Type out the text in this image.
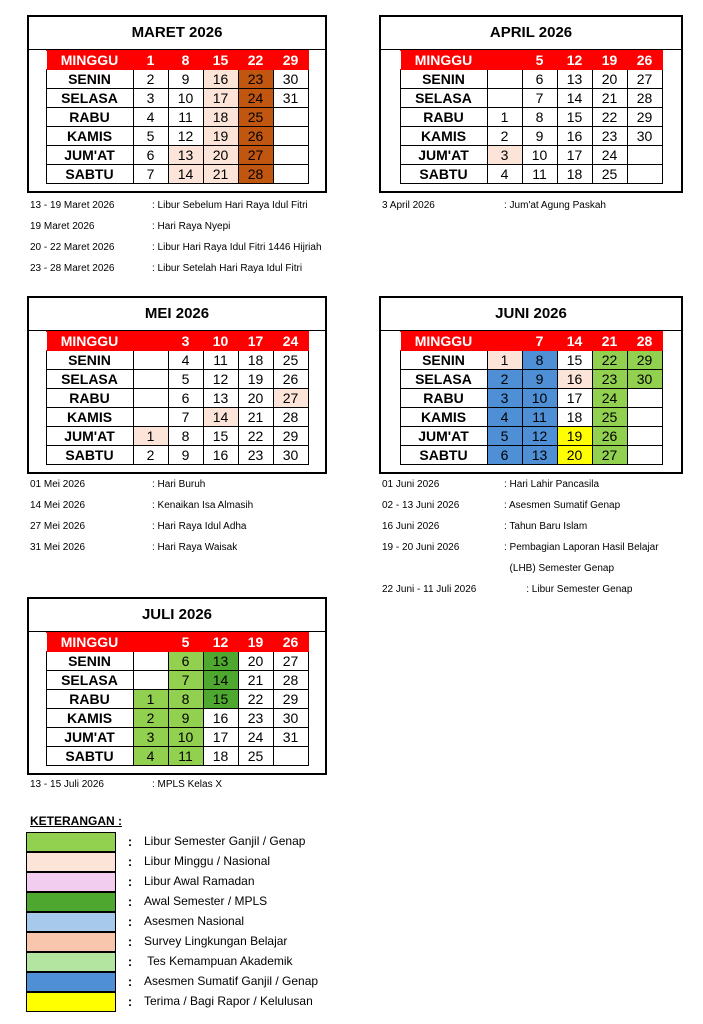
MARET 2026
MINGGU	1	8	15	22	29
SENIN	2	9	16	23	30
SELASA	3	10	17	24	31
RABU	4	11	18	25	
KAMIS	5	12	19	26	
JUM'AT	6	13	20	27	
SABTU	7	14	21	28	
APRIL 2026
MINGGU		5	12	19	26
SENIN		6	13	20	27
SELASA		7	14	21	28
RABU	1	8	15	22	29
KAMIS	2	9	16	23	30
JUM'AT	3	10	17	24	
SABTU	4	11	18	25	
MEI 2026
MINGGU		3	10	17	24
SENIN		4	11	18	25
SELASA		5	12	19	26
RABU		6	13	20	27
KAMIS		7	14	21	28
JUM'AT	1	8	15	22	29
SABTU	2	9	16	23	30
JUNI 2026
MINGGU		7	14	21	28
SENIN	1	8	15	22	29
SELASA	2	9	16	23	30
RABU	3	10	17	24	
KAMIS	4	11	18	25	
JUM'AT	5	12	19	26	
SABTU	6	13	20	27	
JULI 2026
MINGGU		5	12	19	26
SENIN		6	13	20	27
SELASA		7	14	21	28
RABU	1	8	15	22	29
KAMIS	2	9	16	23	30
JUM'AT	3	10	17	24	31
SABTU	4	11	18	25	
13 - 19 Maret 2026	: Libur Sebelum Hari Raya Idul Fitri
19 Maret 2026	: Hari Raya Nyepi
20 - 22 Maret 2026	: Libur Hari Raya Idul Fitri 1446 Hijriah
23 - 28 Maret 2026	: Libur Setelah Hari Raya Idul Fitri
3 April 2026	: Jum'at Agung Paskah
01 Mei 2026	: Hari Buruh
14 Mei 2026	: Kenaikan Isa Almasih
27 Mei 2026	: Hari Raya Idul Adha
31 Mei 2026	: Hari Raya Waisak
01 Juni 2026	: Hari Lahir Pancasila
02 - 13 Juni 2026	: Asesmen Sumatif Genap
16 Juni 2026	: Tahun Baru Islam
19 - 20 Juni 2026	: Pembagian Laporan Hasil Belajar
(LHB) Semester Genap
22 Juni - 11 Juli 2026	: Libur Semester Genap
13 - 15 Juli 2026	: MPLS Kelas X
KETERANGAN :
: Libur Semester Ganjil / Genap
: Libur Minggu / Nasional
: Libur Awal Ramadan
: Awal Semester / MPLS
: Asesmen Nasional
: Survey Lingkungan Belajar
: Tes Kemampuan Akademik
: Asesmen Sumatif Ganjil / Genap
: Terima / Bagi Rapor / Kelulusan
